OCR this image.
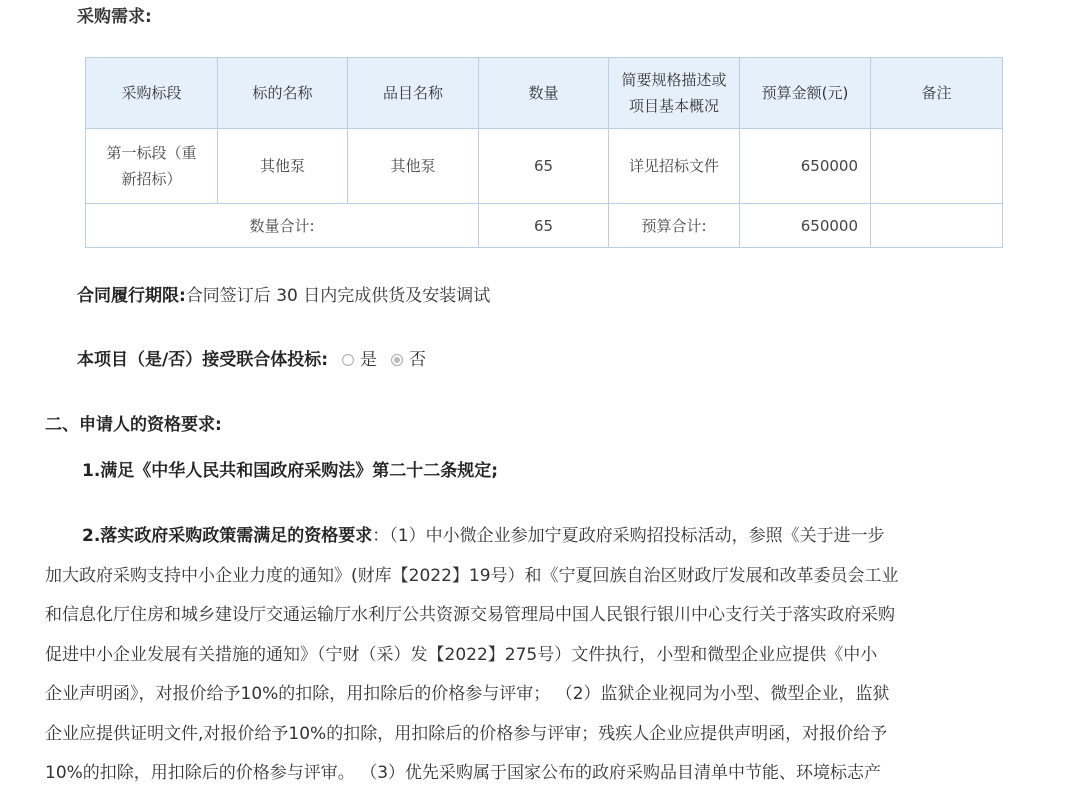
采购需求:
采购标段	标的名称	品目名称	数量	简要规格描述或项目基本概况	预算金额(元)	备注
第一标段（重
新招标）	其他泵	其他泵	65	详见招标文件	650000	
数量合计:			65	预算合计:	650000	
合同履行期限:合同签订后 30 日内完成供货及安装调试
本项目（是/否）接受联合体投标: 是 否
二、申请人的资格要求:
1.满足《中华人民共和国政府采购法》第二十二条规定;
2.落实政府采购政策需满足的资格要求：（1）中小微企业参加宁夏政府采购招投标活动，参照《关于进一步
加大政府采购支持中小企业力度的通知》(财库【2022】19号）和《宁夏回族自治区财政厅发展和改革委员会工业
和信息化厅住房和城乡建设厅交通运输厅水利厅公共资源交易管理局中国人民银行银川中心支行关于落实政府采购
促进中小企业发展有关措施的通知》（宁财（采）发【2022】275号）文件执行，小型和微型企业应提供《中小
企业声明函》，对报价给予10%的扣除，用扣除后的价格参与评审； （2）监狱企业视同为小型、微型企业，监狱
企业应提供证明文件,对报价给予10%的扣除，用扣除后的价格参与评审；残疾人企业应提供声明函，对报价给予
10%的扣除，用扣除后的价格参与评审。 （3）优先采购属于国家公布的政府采购品目清单中节能、环境标志产
